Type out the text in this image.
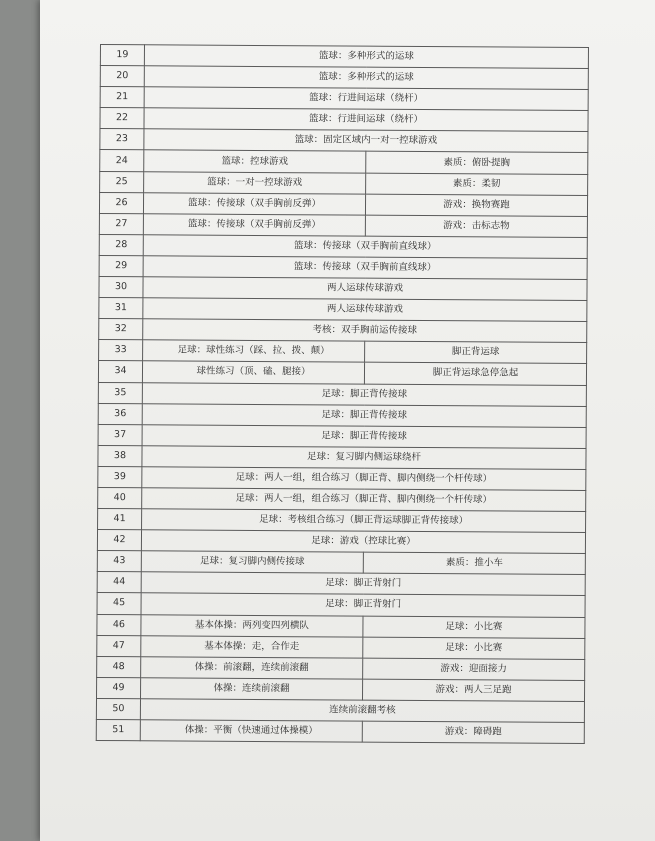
19	篮球：多种形式的运球	
20	篮球：多种形式的运球	
21	篮球：行进间运球（绕杆）	
22	篮球：行进间运球（绕杆）	
23	篮球：固定区域内一对一控球游戏	
24	篮球：控球游戏	素质：俯卧提胸
25	篮球：一对一控球游戏	素质：柔韧
26	篮球：传接球（双手胸前反弹）	游戏：换物赛跑
27	篮球：传接球（双手胸前反弹）	游戏：击标志物
28	篮球：传接球（双手胸前直线球）	
29	篮球：传接球（双手胸前直线球）	
30	两人运球传球游戏	
31	两人运球传球游戏	
32	考核：双手胸前运传接球	
33	足球：球性练习（踩、拉、拨、颠）	脚正背运球
34	球性练习（顶、磕、腿接）	脚正背运球急停急起
35	足球：脚正背传接球	
36	足球：脚正背传接球	
37	足球：脚正背传接球	
38	足球：复习脚内侧运球绕杆	
39	足球：两人一组，组合练习（脚正背、脚内侧绕一个杆传球）	
40	足球：两人一组，组合练习（脚正背、脚内侧绕一个杆传球）	
41	足球：考核组合练习（脚正背运球脚正背传接球）	
42	足球：游戏（控球比赛）	
43	足球：复习脚内侧传接球	素质：推小车
44	足球：脚正背射门	
45	足球：脚正背射门	
46	基本体操：两列变四列横队	足球：小比赛
47	基本体操：走，合作走	足球：小比赛
48	体操：前滚翻，连续前滚翻	游戏：迎面接力
49	体操：连续前滚翻	游戏：两人三足跑
50	连续前滚翻考核	
51	体操：平衡（快速通过体操模）	游戏：障碍跑
